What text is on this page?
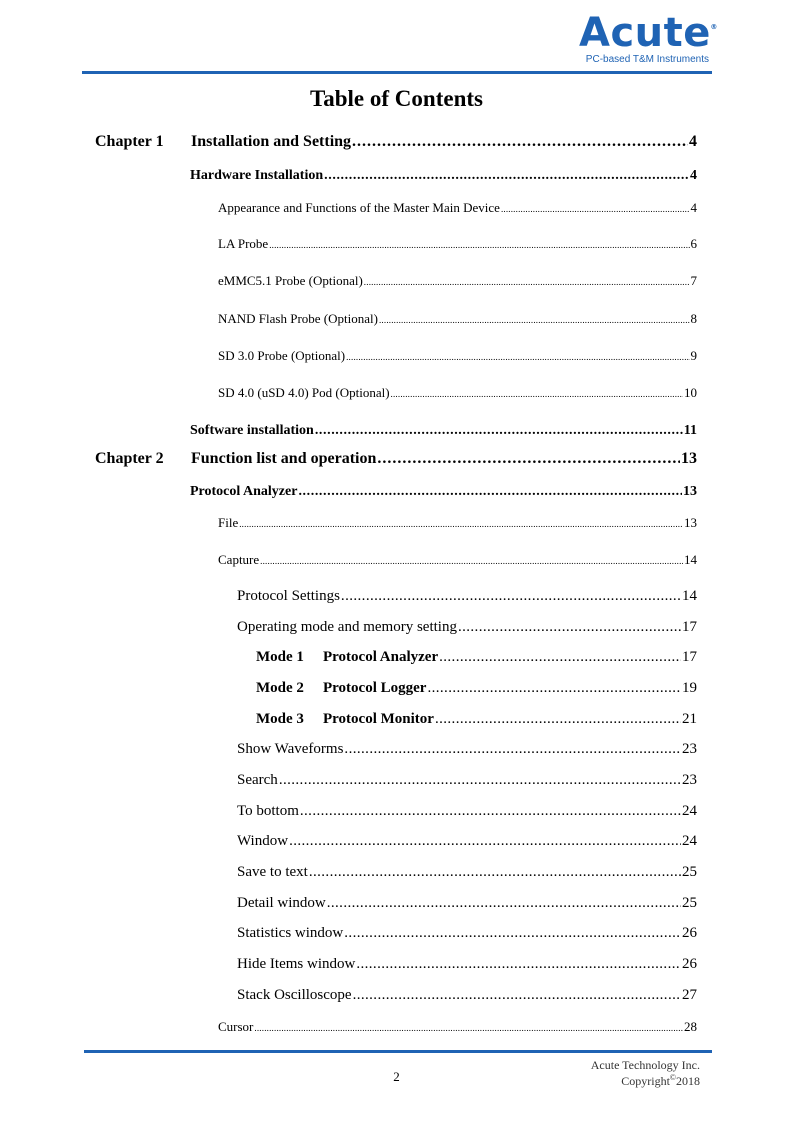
Acute ®
PC-based T&M Instruments
Table of Contents
Chapter 1	Installation and Setting .....	4
Hardware Installation .....	4
Appearance and Functions of the Master Main Device .....	4
LA Probe .....	6
eMMC5.1 Probe (Optional) .....	7
NAND Flash Probe (Optional) .....	8
SD 3.0 Probe (Optional) .....	9
SD 4.0 (uSD 4.0) Pod (Optional) .....	10
Software installation .....	11
Chapter 2	Function list and operation .....	13
Protocol Analyzer .....	13
File .....	13
Capture .....	14
Protocol Settings .....	14
Operating mode and memory setting .....	17
Mode 1	Protocol Analyzer .....	17
Mode 2	Protocol Logger .....	19
Mode 3	Protocol Monitor .....	21
Show Waveforms .....	23
Search .....	23
To bottom .....	24
Window .....	24
Save to text .....	25
Detail window .....	25
Statistics window .....	26
Hide Items window .....	26
Stack Oscilloscope .....	27
Cursor .....	28
2
Acute Technology Inc.
Copyright©2018
